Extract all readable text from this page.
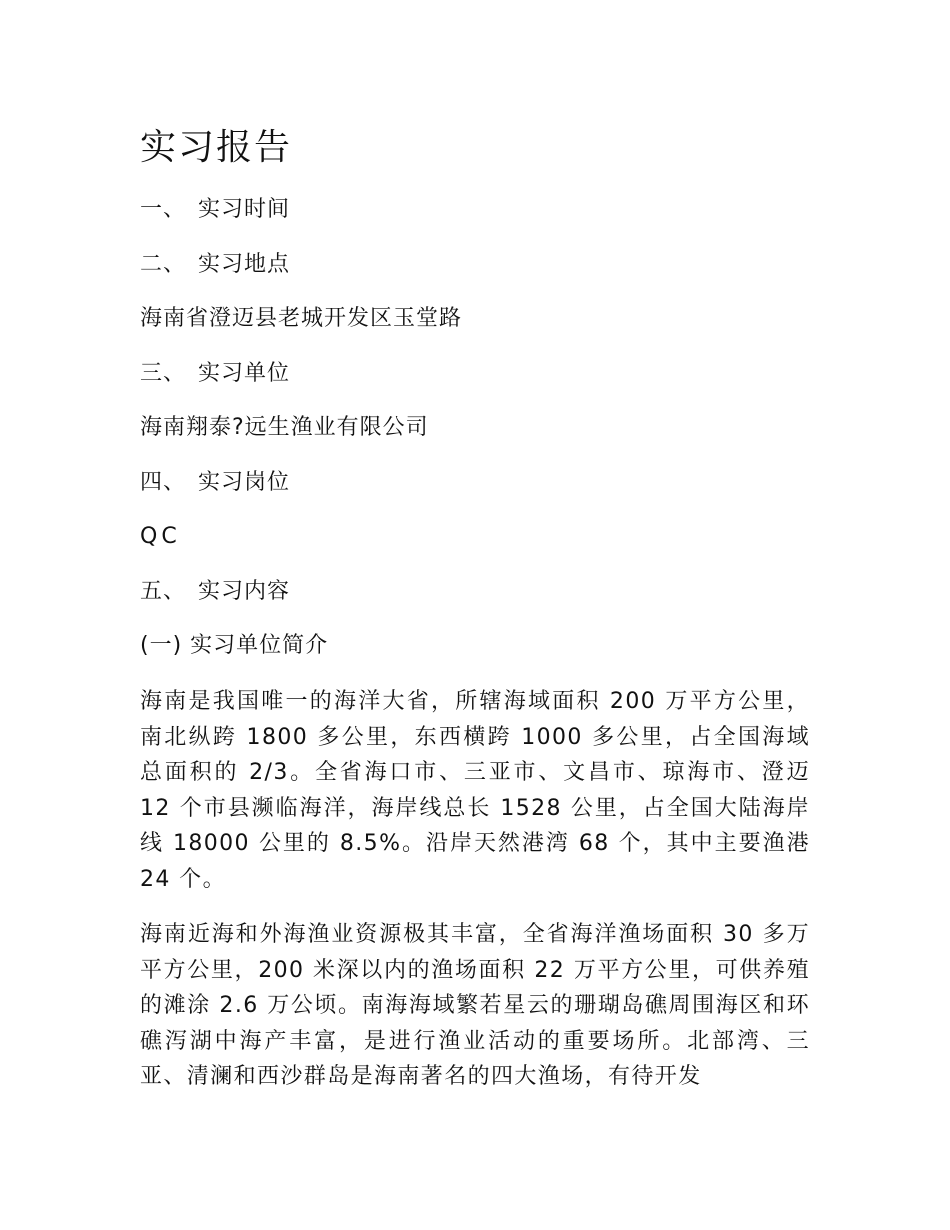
实习报告
一、 实习时间
二、 实习地点
海南省澄迈县老城开发区玉堂路
三、 实习单位
海南翔泰?远生渔业有限公司
四、 实习岗位
QC
五、 实习内容
(一) 实习单位简介

海南是我国唯一的海洋大省，所辖海域面积 200 万平方公里，南北纵跨 1800 多公里，东西横跨 1000 多公里，占全国海域总面积的 2/3。全省海口市、三亚市、文昌市、琼海市、澄迈 12 个市县濒临海洋，海岸线总长 1528 公里，占全国大陆海岸线 18000 公里的 8.5%。沿岸天然港湾 68 个，其中主要渔港 24 个。

海南近海和外海渔业资源极其丰富，全省海洋渔场面积 30 多万平方公里，200 米深以内的渔场面积 22 万平方公里，可供养殖的滩涂 2.6 万公顷。南海海域繁若星云的珊瑚岛礁周围海区和环礁泻湖中海产丰富，是进行渔业活动的重要场所。北部湾、三亚、清澜和西沙群岛是海南著名的四大渔场，有待开发
